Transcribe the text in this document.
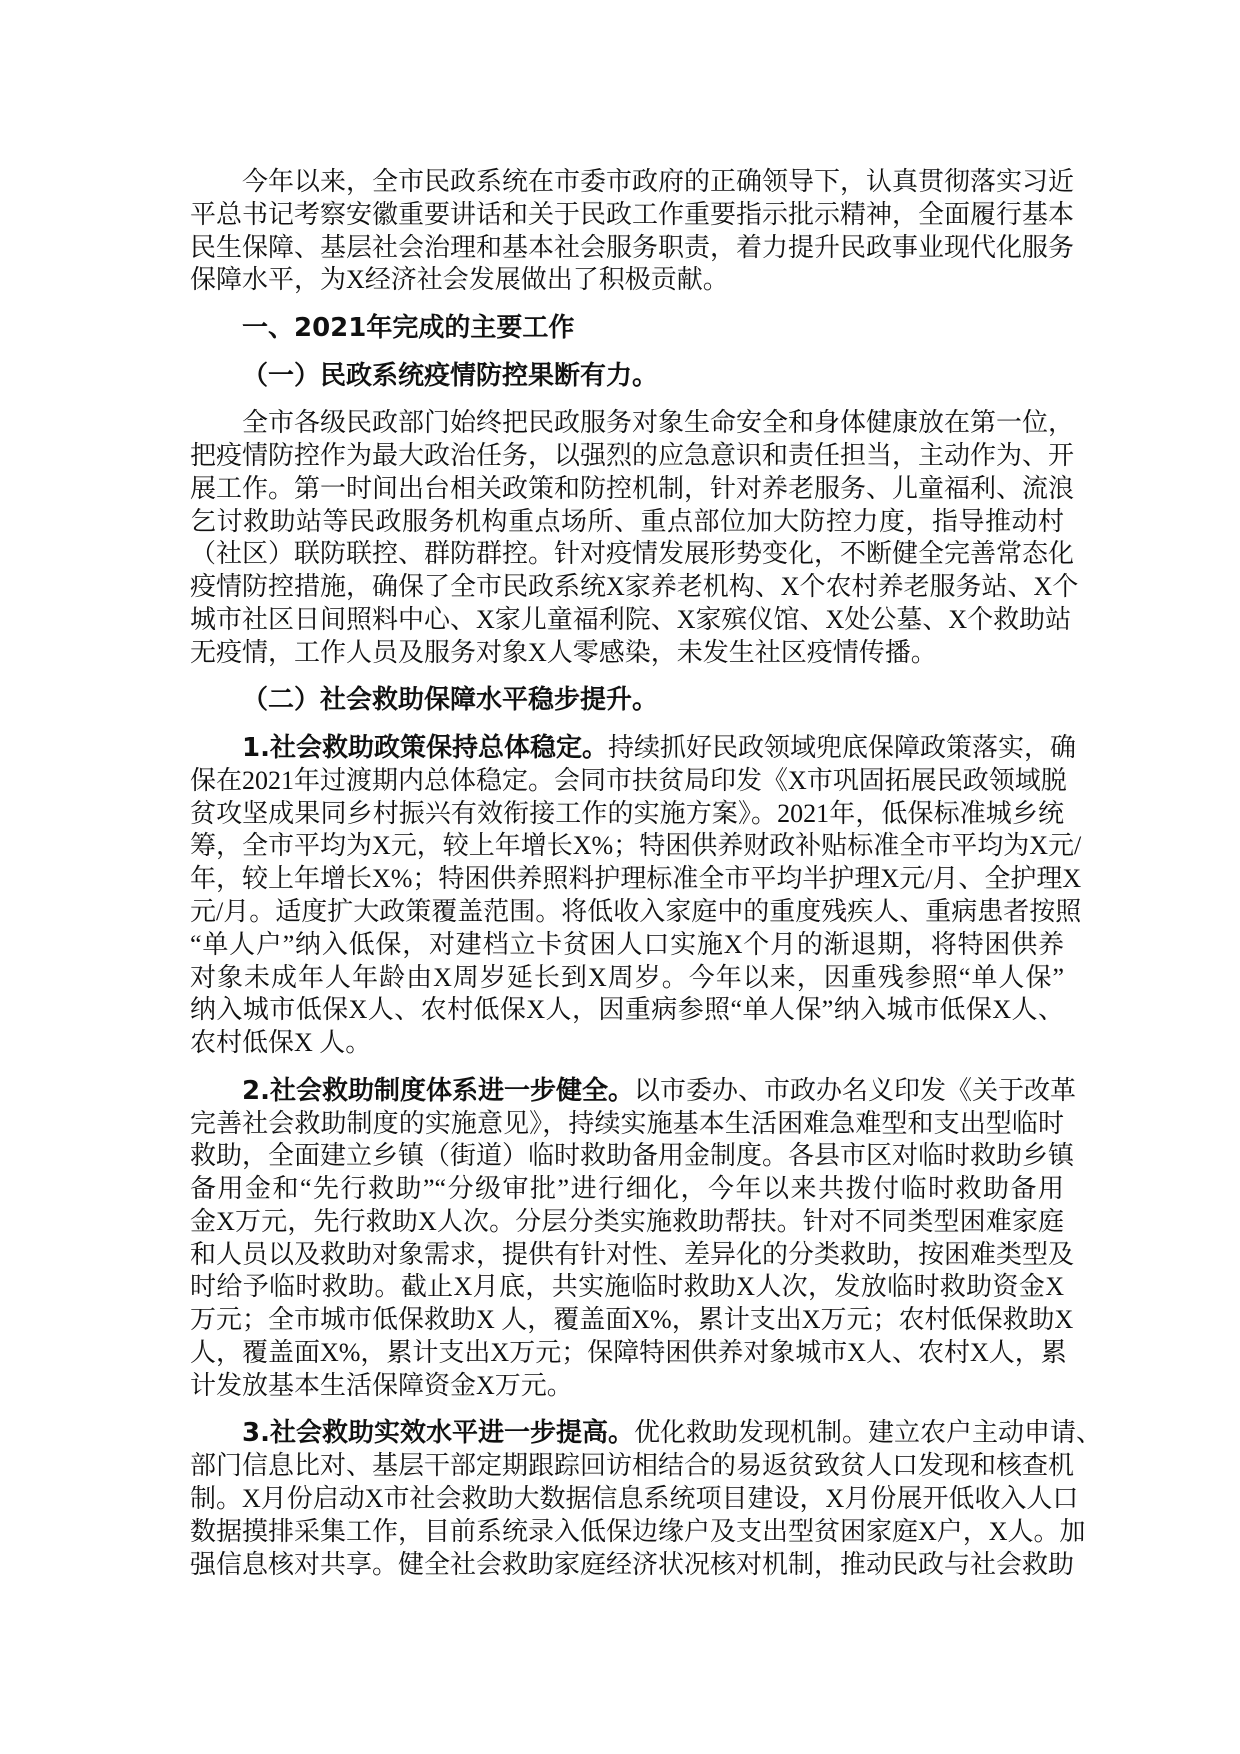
今年以来，全市民政系统在市委市政府的正确领导下，认真贯彻落实习近
平总书记考察安徽重要讲话和关于民政工作重要指示批示精神，全面履行基本
民生保障、基层社会治理和基本社会服务职责，着力提升民政事业现代化服务
保障水平，为X经济社会发展做出了积极贡献。
一、2021年完成的主要工作
（一）民政系统疫情防控果断有力。
全市各级民政部门始终把民政服务对象生命安全和身体健康放在第一位，
把疫情防控作为最大政治任务，以强烈的应急意识和责任担当，主动作为、开
展工作。第一时间出台相关政策和防控机制，针对养老服务、儿童福利、流浪
乞讨救助站等民政服务机构重点场所、重点部位加大防控力度，指导推动村
（社区）联防联控、群防群控。针对疫情发展形势变化，不断健全完善常态化
疫情防控措施，确保了全市民政系统X家养老机构、X个农村养老服务站、X个
城市社区日间照料中心、X家儿童福利院、X家殡仪馆、X处公墓、X个救助站
无疫情，工作人员及服务对象X人零感染，未发生社区疫情传播。
（二）社会救助保障水平稳步提升。
1.社会救助政策保持总体稳定。持续抓好民政领域兜底保障政策落实，确
保在2021年过渡期内总体稳定。会同市扶贫局印发《X市巩固拓展民政领域脱
贫攻坚成果同乡村振兴有效衔接工作的实施方案》。2021年，低保标准城乡统
筹，全市平均为X元，较上年增长X%；特困供养财政补贴标准全市平均为X元/
年，较上年增长X%；特困供养照料护理标准全市平均半护理X元/月、全护理X
元/月。适度扩大政策覆盖范围。将低收入家庭中的重度残疾人、重病患者按照
“单人户”纳入低保，对建档立卡贫困人口实施X个月的渐退期，将特困供养
对象未成年人年龄由X周岁延长到X周岁。今年以来，因重残参照“单人保”
纳入城市低保X人、农村低保X人，因重病参照“单人保”纳入城市低保X人、
农村低保X 人。
2.社会救助制度体系进一步健全。以市委办、市政办名义印发《关于改革
完善社会救助制度的实施意见》，持续实施基本生活困难急难型和支出型临时
救助，全面建立乡镇（街道）临时救助备用金制度。各县市区对临时救助乡镇
备用金和“先行救助”“分级审批”进行细化，今年以来共拨付临时救助备用
金X万元，先行救助X人次。分层分类实施救助帮扶。针对不同类型困难家庭
和人员以及救助对象需求，提供有针对性、差异化的分类救助，按困难类型及
时给予临时救助。截止X月底，共实施临时救助X人次，发放临时救助资金X
万元；全市城市低保救助X 人，覆盖面X%，累计支出X万元；农村低保救助X
人，覆盖面X%，累计支出X万元；保障特困供养对象城市X人、农村X人，累
计发放基本生活保障资金X万元。
3.社会救助实效水平进一步提高。优化救助发现机制。建立农户主动申请、
部门信息比对、基层干部定期跟踪回访相结合的易返贫致贫人口发现和核查机
制。X月份启动X市社会救助大数据信息系统项目建设，X月份展开低收入人口
数据摸排采集工作，目前系统录入低保边缘户及支出型贫困家庭X户，X人。加
强信息核对共享。健全社会救助家庭经济状况核对机制，推动民政与社会救助
